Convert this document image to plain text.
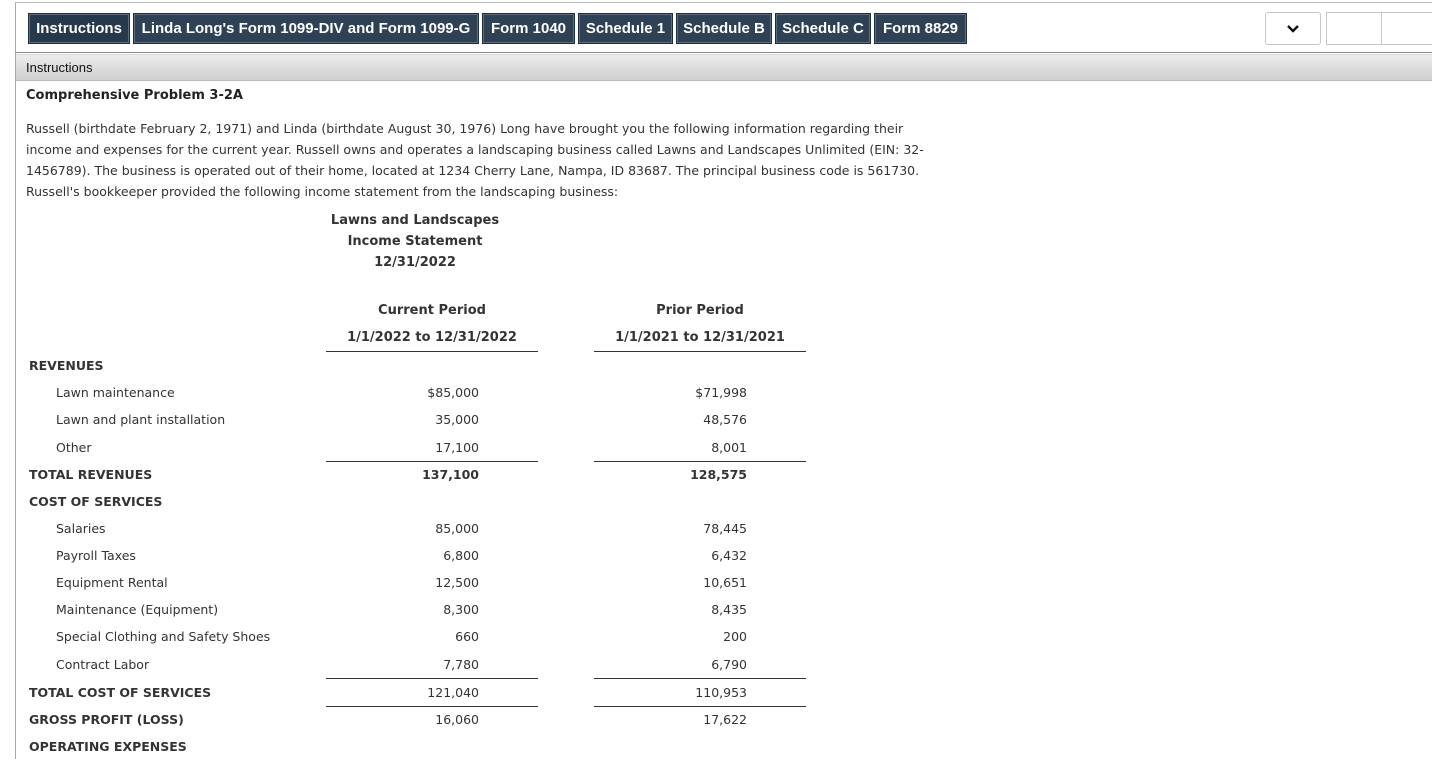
Instructions	Linda Long's Form 1099-DIV and Form 1099-G	Form 1040	Schedule 1	Schedule B	Schedule C	Form 8829
Instructions
Comprehensive Problem 3-2A
Russell (birthdate February 2, 1971) and Linda (birthdate August 30, 1976) Long have brought you the following information regarding their income and expenses for the current year. Russell owns and operates a landscaping business called Lawns and Landscapes Unlimited (EIN: 32-1456789). The business is operated out of their home, located at 1234 Cherry Lane, Nampa, ID 83687. The principal business code is 561730. Russell's bookkeeper provided the following income statement from the landscaping business:
Lawns and Landscapes
Income Statement
12/31/2022
Current Period
1/1/2022 to 12/31/2022
Prior Period
1/1/2021 to 12/31/2021
REVENUES
Lawn maintenance	$85,000	$71,998
Lawn and plant installation	35,000	48,576
Other	17,100	8,001
TOTAL REVENUES	137,100	128,575
COST OF SERVICES
Salaries	85,000	78,445
Payroll Taxes	6,800	6,432
Equipment Rental	12,500	10,651
Maintenance (Equipment)	8,300	8,435
Special Clothing and Safety Shoes	660	200
Contract Labor	7,780	6,790
TOTAL COST OF SERVICES	121,040	110,953
GROSS PROFIT (LOSS)	16,060	17,622
OPERATING EXPENSES
